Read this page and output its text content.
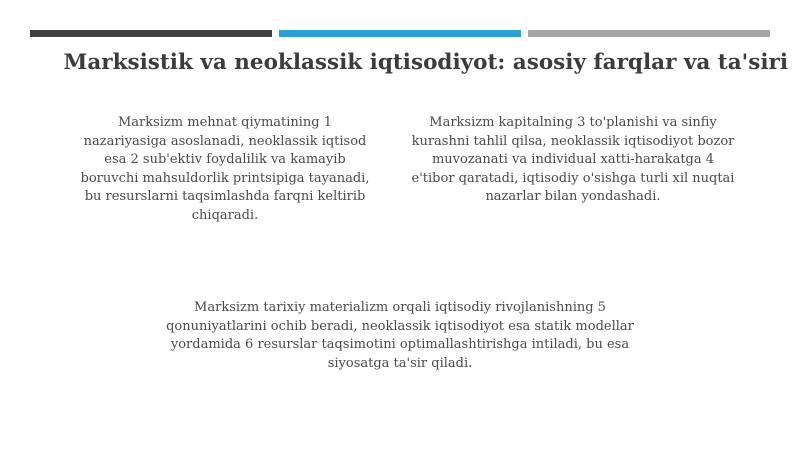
Marksistik va neoklassik iqtisodiyot: asosiy farqlar va ta'siri
Marksizm mehnat qiymatining 1
nazariyasiga asoslanadi, neoklassik iqtisod
esa 2 sub'ektiv foydalilik va kamayib
boruvchi mahsuldorlik printsipiga tayanadi,
bu resurslarni taqsimlashda farqni keltirib
chiqaradi.
Marksizm kapitalning 3 to'planishi va sinfiy
kurashni tahlil qilsa, neoklassik iqtisodiyot bozor
muvozanati va individual xatti-harakatga 4
e'tibor qaratadi, iqtisodiy o'sishga turli xil nuqtai
nazarlar bilan yondashadi.
Marksizm tarixiy materializm orqali iqtisodiy rivojlanishning 5
qonuniyatlarini ochib beradi, neoklassik iqtisodiyot esa statik modellar
yordamida 6 resurslar taqsimotini optimallashtirishga intiladi, bu esa
siyosatga ta'sir qiladi.
